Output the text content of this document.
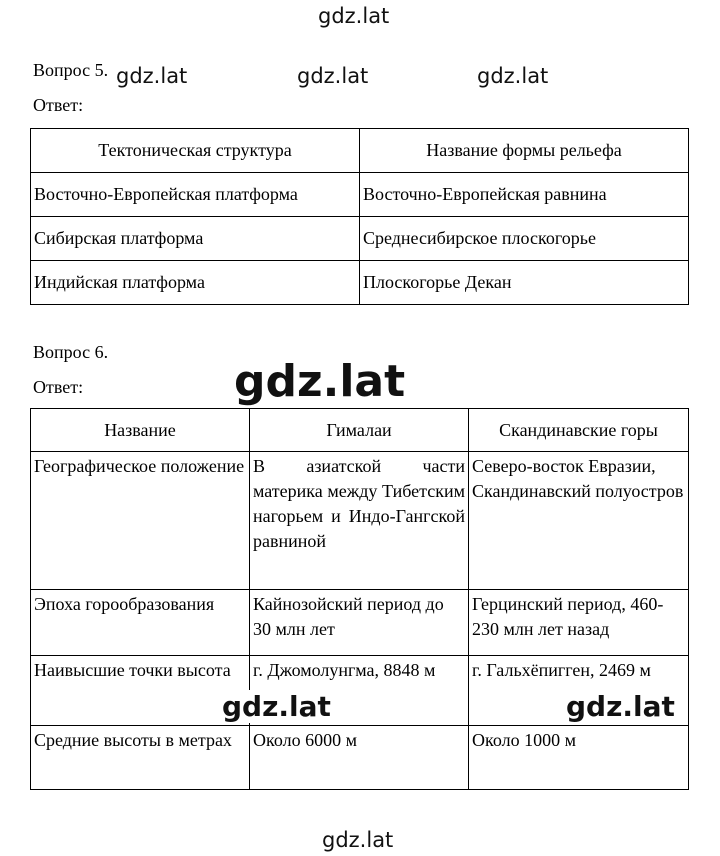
gdz.lat
Вопрос 5. gdz.lat	gdz.lat	gdz.lat
Ответ:
Тектоническая структура	Название формы рельефа
Восточно-Европейская платформа	Восточно-Европейская равнина
Сибирская платформа	Среднесибирское плоскогорье
Индийская платформа	Плоскогорье Декан
Вопрос 6.
Ответ:
Название	Гималаи	Скандинавские горы
Географическое положение	В азиатской части материка между Тибетским нагорьем и Индо-Гангской равниной	Северо-восток Евразии, Скандинавский полуостров
Эпоха горообразования	Кайнозойский период до 30 млн лет	Герцинский период, 460-230 млн лет назад
Наивысшие точки высота	г. Джомолунгма, 8848 м	г. Гальхёпигген, 2469 м
Средние высоты в метрах	Около 6000 м	Около 1000 м
gdz.lat
gdz.lat	gdz.lat
gdz.lat
